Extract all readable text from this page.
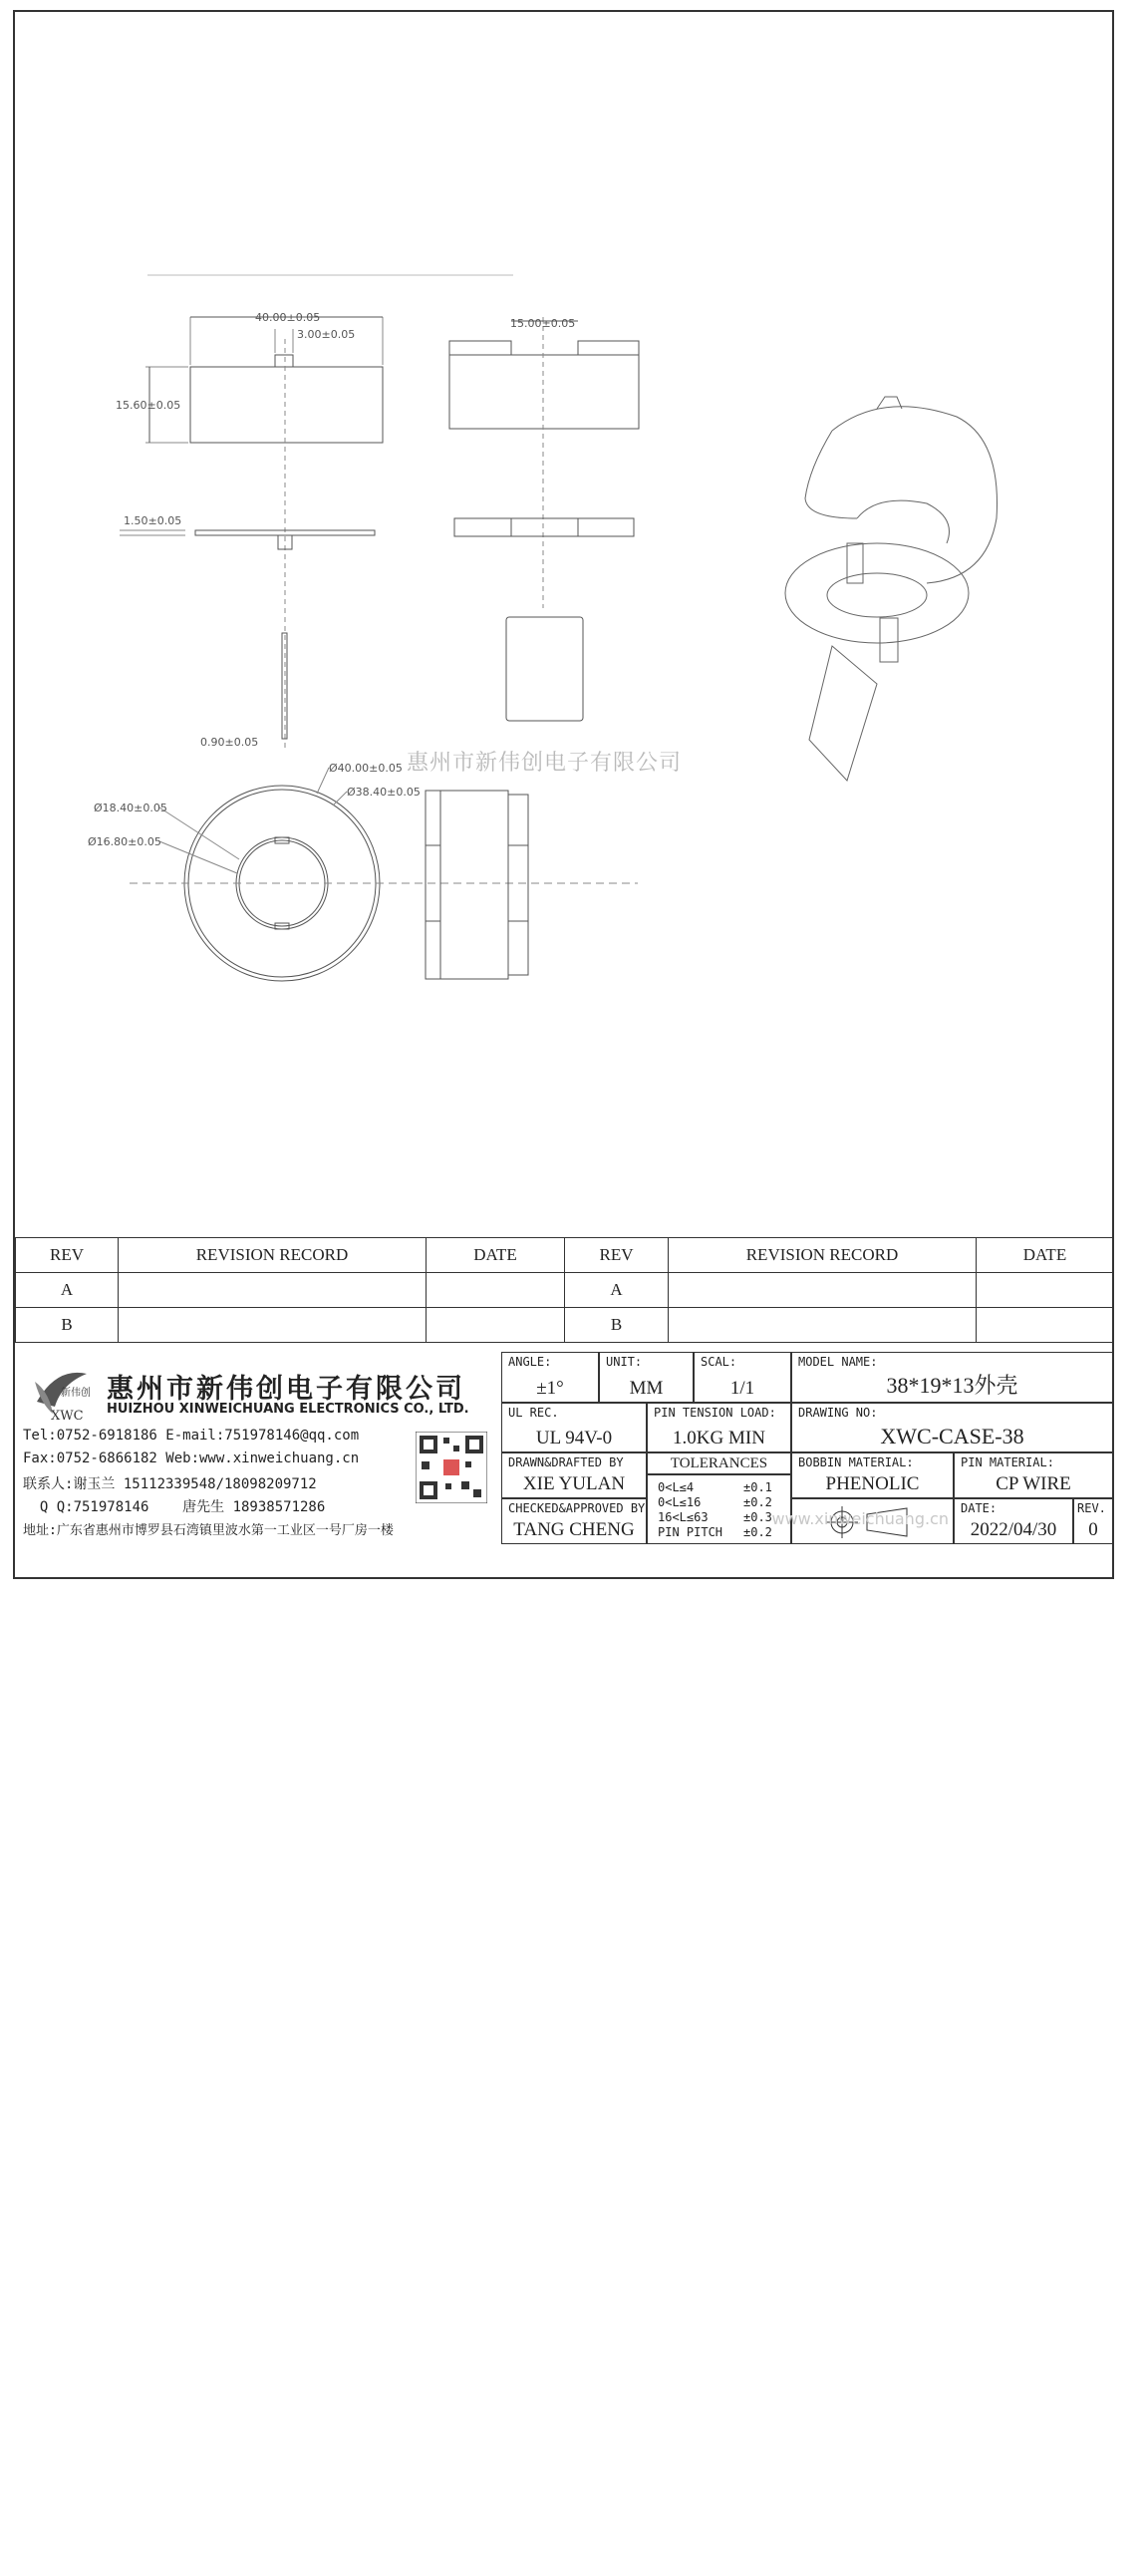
40.00±0.05
3.00±0.05
15.60±0.05
15.00±0.05
1.50±0.05
0.90±0.05
Ø40.00±0.05
Ø38.40±0.05
Ø18.40±0.05
Ø16.80±0.05
惠州市新伟创电子有限公司
REV	REVISION RECORD	DATE	REV	REVISION RECORD	DATE
A			A		
B			B		
新伟创
XWC
惠州市新伟创电子有限公司
HUIZHOU XINWEICHUANG ELECTRONICS CO., LTD.
Tel:0752-6918186 E-mail:751978146@qq.com
Fax:0752-6866182 Web:www.xinweichuang.cn
联系人:谢玉兰 15112339548/18098209712
Q Q:751978146    唐先生 18938571286
地址:广东省惠州市博罗县石湾镇里波水第一工业区一号厂房一楼
ANGLE:
±1°
UNIT:
MM
SCAL:
1/1
MODEL NAME:
38*19*13外壳
UL REC.
UL 94V-0
PIN TENSION LOAD:
1.0KG MIN
DRAWING NO:
XWC-CASE-38
DRAWN&DRAFTED BY
XIE YULAN
TOLERANCES	BOBBIN MATERIAL:
PHENOLIC
PIN MATERIAL:
CP WIRE
CHECKED&APPROVED BY
TANG CHENG
0<L≤4	±0.1
0<L≤16	±0.2
16<L≤63	±0.3
PIN PITCH ±0.2
www.xinweichuang.cn
DATE:
2022/04/30
REV.
0
